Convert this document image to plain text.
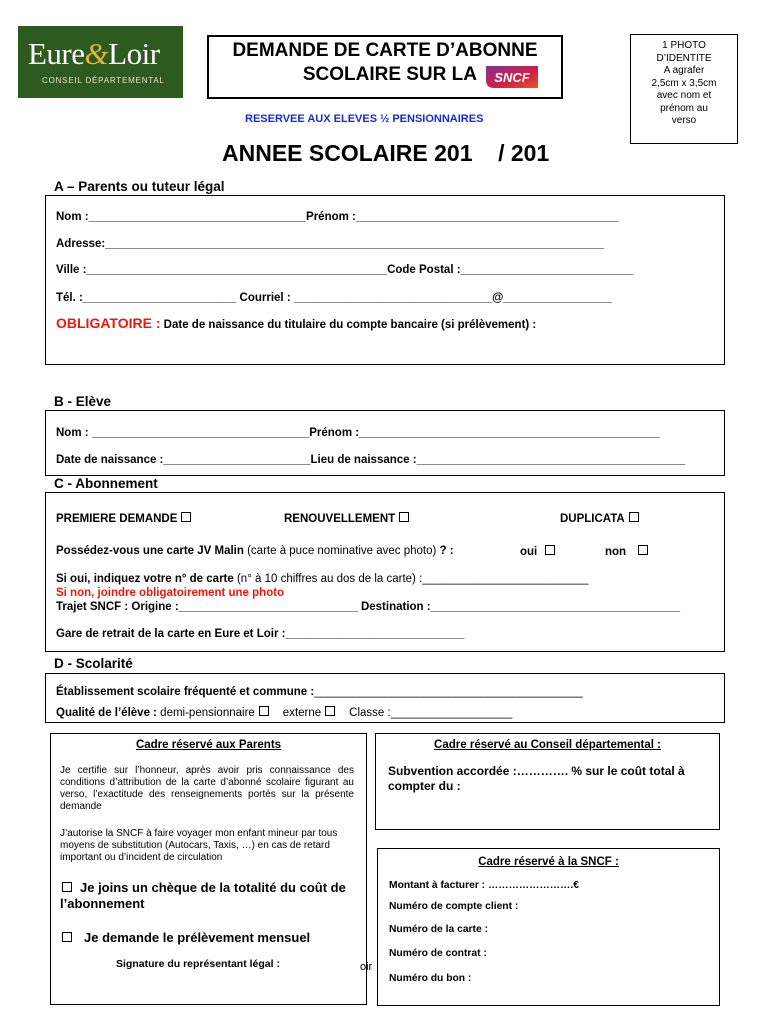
Eure&Loir
CONSEIL DÉPARTEMENTAL
DEMANDE DE CARTE D’ABONNE
SCOLAIRE SUR LA SNCF
1 PHOTO
D’IDENTITE
A agrafer
2,5cm x 3,5cm
avec nom et
prénom au
verso
RESERVEE AUX ELEVES ½ PENSIONNAIRES
ANNEE SCOLAIRE 201    / 201
A – Parents ou tuteur légal
Nom :__________________________________Prénom :_________________________________________
Adresse:______________________________________________________________________________
Ville :_______________________________________________Code Postal :___________________________
Tél. :________________________ Courriel : _______________________________@_________________
OBLIGATOIRE : Date de naissance du titulaire du compte bancaire (si prélèvement) :
B - Elève
Nom : __________________________________Prénom :_______________________________________________
Date de naissance :_______________________Lieu de naissance :__________________________________________
C - Abonnement
PREMIERE DEMANDE	RENOUVELLEMENT	DUPLICATA
Possédez-vous une carte JV Malin (carte à puce nominative avec photo) ? :	oui	non
Si oui, indiquez votre n° de carte (n° à 10 chiffres au dos de la carte) :__________________________
Si non, joindre obligatoirement une photo
Trajet SNCF : Origine :____________________________ Destination :_______________________________________
Gare de retrait de la carte en Eure et Loir :____________________________
D - Scolarité
Établissement scolaire fréquenté et commune :__________________________________________
Qualité de l’élève : demi-pensionnaire externe Classe :___________________
Cadre réservé aux Parents
Je certifie sur l’honneur, après avoir pris connaissance des conditions d’attribution de la carte d’abonné scolaire figurant au verso, l’exactitude des renseignements portés sur la présente demande
J’autorise la SNCF à faire voyager mon enfant mineur par tous moyens de substitution (Autocars, Taxis, …) en cas de retard important ou d’incident de circulation
Je joins un chèque de la totalité du coût de l’abonnement
Je demande le prélèvement mensuel
Signature du représentant légal :	oir
Cadre réservé au Conseil départemental :
Subvention accordée :…………. % sur le coût total à compter du :
Cadre réservé à la SNCF :
Montant à facturer : …………………….€
Numéro de compte client :
Numéro de la carte :
Numéro de contrat :
Numéro du bon :
